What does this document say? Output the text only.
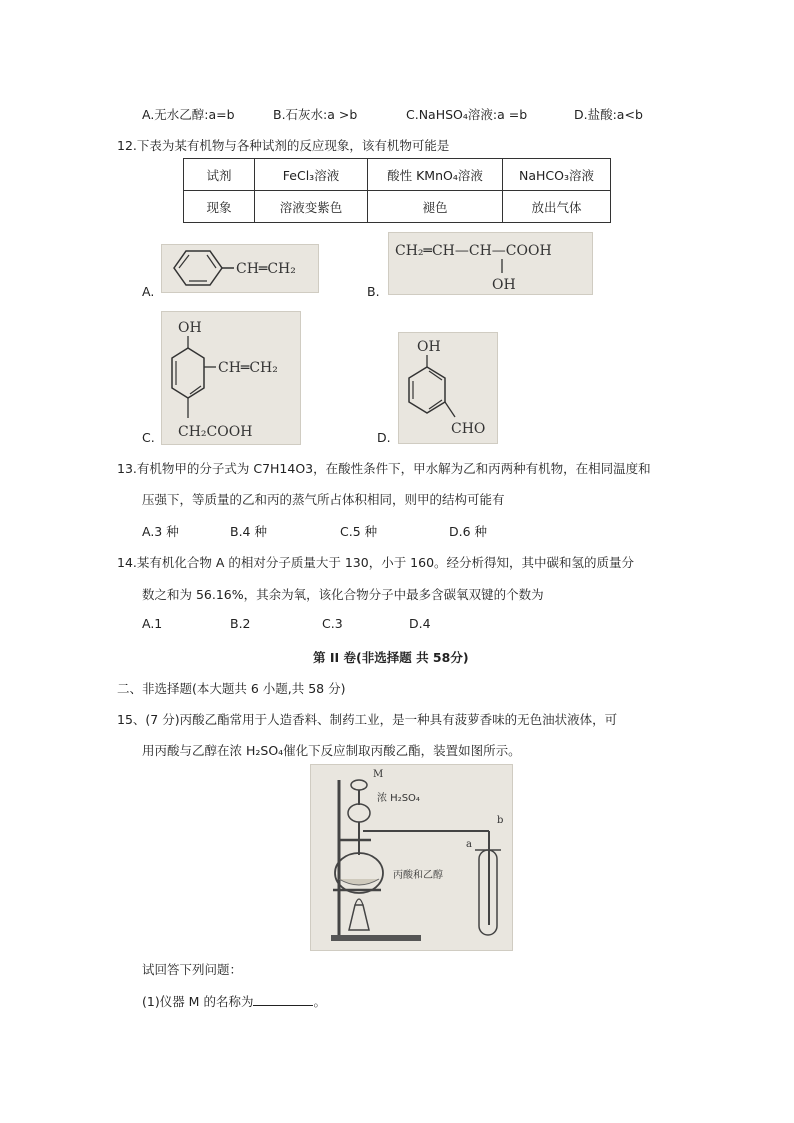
A.无水乙醇:a=b	B.石灰水:a >b	C.NaHSO₄溶液:a =b	D.盐酸:a<b
12.下表为某有机物与各种试剂的反应现象，该有机物可能是
试剂	FeCl₃溶液	酸性 KMnO₄溶液	NaHCO₃溶液
现象	溶液变紫色	褪色	放出气体
A.
CH═CH₂
B.
CH₂═CH—CH—COOH
OH
C.
OH
CH═CH₂
CH₂COOH	D.
OH
CHO
13.有机物甲的分子式为 C7H14O3，在酸性条件下，甲水解为乙和丙两种有机物，在相同温度和
压强下，等质量的乙和丙的蒸气所占体积相同，则甲的结构可能有
A.3 种	B.4 种	C.5 种	D.6 种
14.某有机化合物 A 的相对分子质量大于 130，小于 160。经分析得知，其中碳和氢的质量分
数之和为 56.16%，其余为氧，该化合物分子中最多含碳氧双键的个数为
A.1	B.2	C.3	D.4
第 II 卷(非选择题 共 58分)
二、非选择题(本大题共 6 小题,共 58 分)
15、(7 分)丙酸乙酯常用于人造香料、制药工业，是一种具有菠萝香味的无色油状液体，可
用丙酸与乙醇在浓 H₂SO₄催化下反应制取丙酸乙酯，装置如图所示。
M
浓 H₂SO₄
丙酸和乙醇
a
b
试回答下列问题：
(1)仪器 M 的名称为	。
